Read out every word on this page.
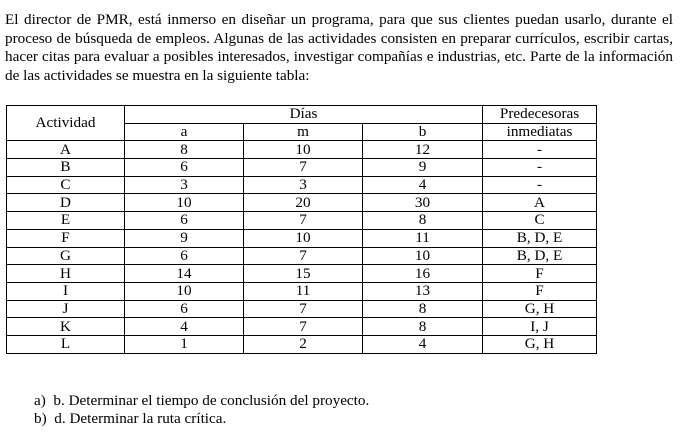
El director de PMR, está inmerso en diseñar un programa, para que sus clientes puedan usarlo, durante el proceso de búsqueda de empleos. Algunas de las actividades consisten en preparar currículos, escribir cartas, hacer citas para evaluar a posibles interesados, investigar compañías e industrias, etc. Parte de la información de las actividades se muestra en la siguiente tabla:

Actividad	Días			Predecesoras
	a	m	b	inmediatas
A	8	10	12	-
B	6	7	9	-
C	3	3	4	-
D	10	20	30	A
E	6	7	8	C
F	9	10	11	B, D, E
G	6	7	10	B, D, E
H	14	15	16	F
I	10	11	13	F
J	6	7	8	G, H
K	4	7	8	I, J
L	1	2	4	G, H
a) b. Determinar el tiempo de conclusión del proyecto.
b) d. Determinar la ruta crítica.
